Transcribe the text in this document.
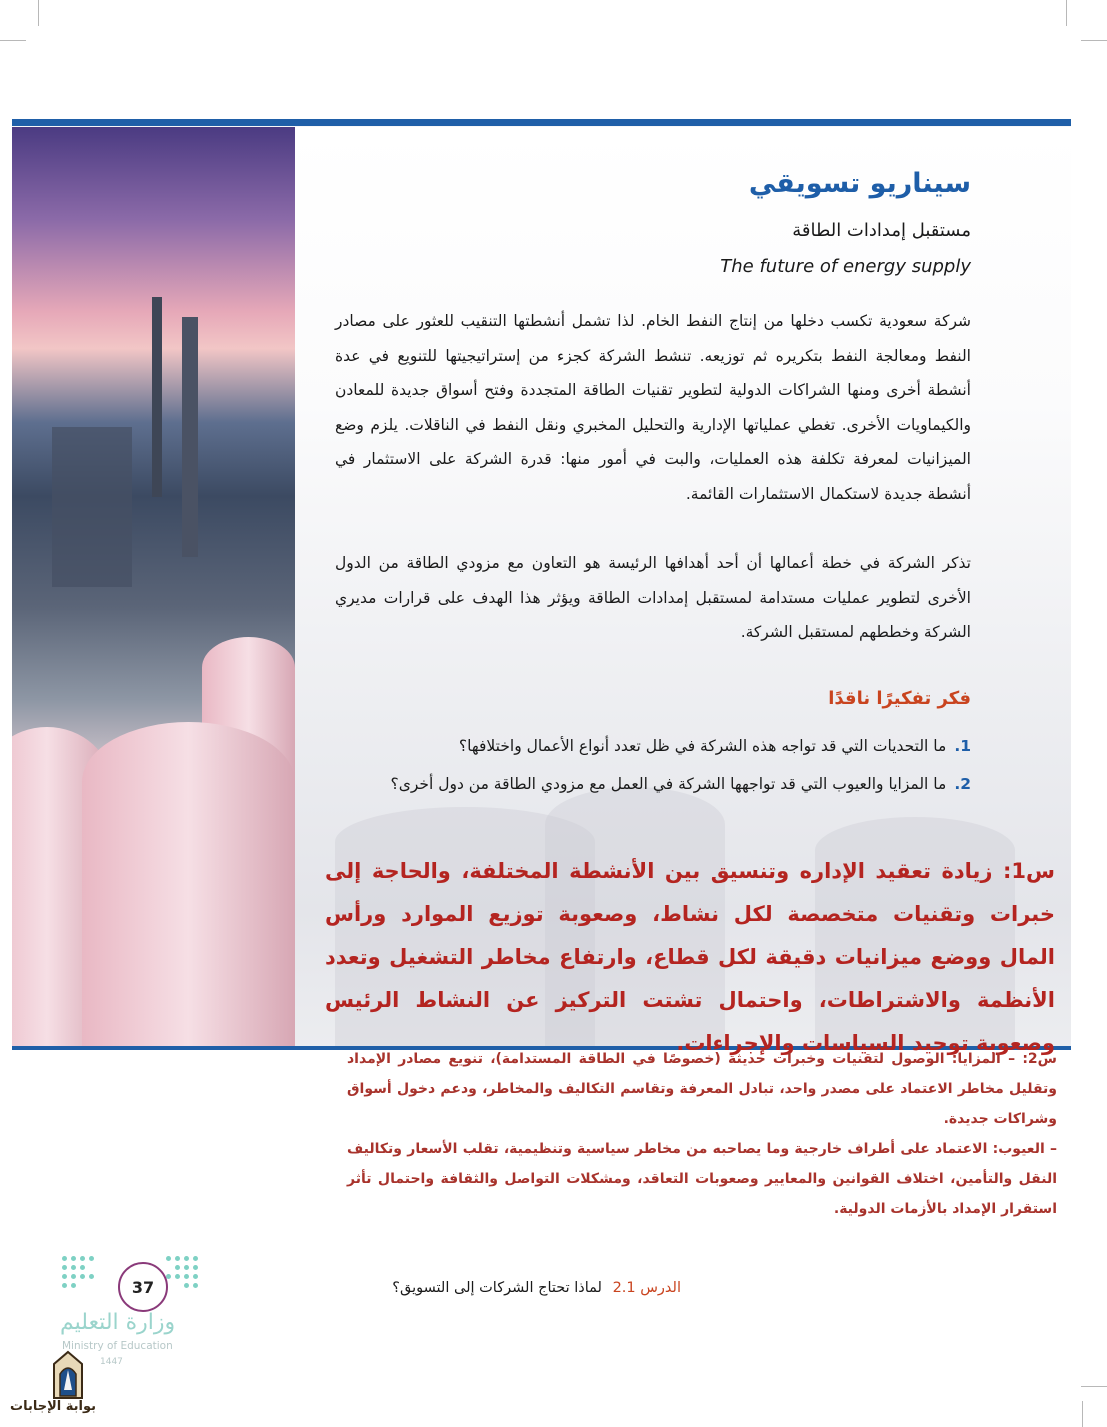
سيناريو تسويقي
مستقبل إمدادات الطاقة
The future of energy supply
شركة سعودية تكسب دخلها من إنتاج النفط الخام. لذا تشمل أنشطتها التنقيب للعثور على مصادر النفط ومعالجة النفط بتكريره ثم توزيعه. تنشط الشركة كجزء من إستراتيجيتها للتنويع في عدة أنشطة أخرى ومنها الشراكات الدولية لتطوير تقنيات الطاقة المتجددة وفتح أسواق جديدة للمعادن والكيماويات الأخرى. تغطي عملياتها الإدارية والتحليل المخبري ونقل النفط في الناقلات. يلزم وضع الميزانيات لمعرفة تكلفة هذه العمليات، والبت في أمور منها: قدرة الشركة على الاستثمار في أنشطة جديدة لاستكمال الاستثمارات القائمة.
تذكر الشركة في خطة أعمالها أن أحد أهدافها الرئيسة هو التعاون مع مزودي الطاقة من الدول الأخرى لتطوير عمليات مستدامة لمستقبل إمدادات الطاقة ويؤثر هذا الهدف على قرارات مديري الشركة وخططهم لمستقبل الشركة.
فكر تفكيرًا ناقدًا
1.ما التحديات التي قد تواجه هذه الشركة في ظل تعدد أنواع الأعمال واختلافها؟
2.ما المزايا والعيوب التي قد تواجهها الشركة في العمل مع مزودي الطاقة من دول أخرى؟
س1: زيادة تعقيد الإداره وتنسيق بين الأنشطة المختلفة، والحاجة إلى خبرات وتقنيات متخصصة لكل نشاط، وصعوبة توزيع الموارد ورأس المال ووضع ميزانيات دقيقة لكل قطاع، وارتفاع مخاطر التشغيل وتعدد الأنظمة والاشتراطات، واحتمال تشتت التركيز عن النشاط الرئيس وصعوبة توحيد السياسات والإجراءات.
س2: – المزايا: الوصول لتقنيات وخبرات حديثة (خصوصًا في الطاقة المستدامة)، تنويع مصادر الإمداد وتقليل مخاطر الاعتماد على مصدر واحد، تبادل المعرفة وتقاسم التكاليف والمخاطر، ودعم دخول أسواق وشراكات جديدة.
– العيوب: الاعتماد على أطراف خارجية وما يصاحبه من مخاطر سياسية وتنظيمية، تقلب الأسعار وتكاليف النقل والتأمين، اختلاف القوانين والمعايير وصعوبات التعاقد، ومشكلات التواصل والثقافة واحتمال تأثر استقرار الإمداد بالأزمات الدولية.
الدرس 2.1 لماذا تحتاج الشركات إلى التسويق؟
37
وزارة التعليم
Ministry of Education
1447
بوابة الإجابات
